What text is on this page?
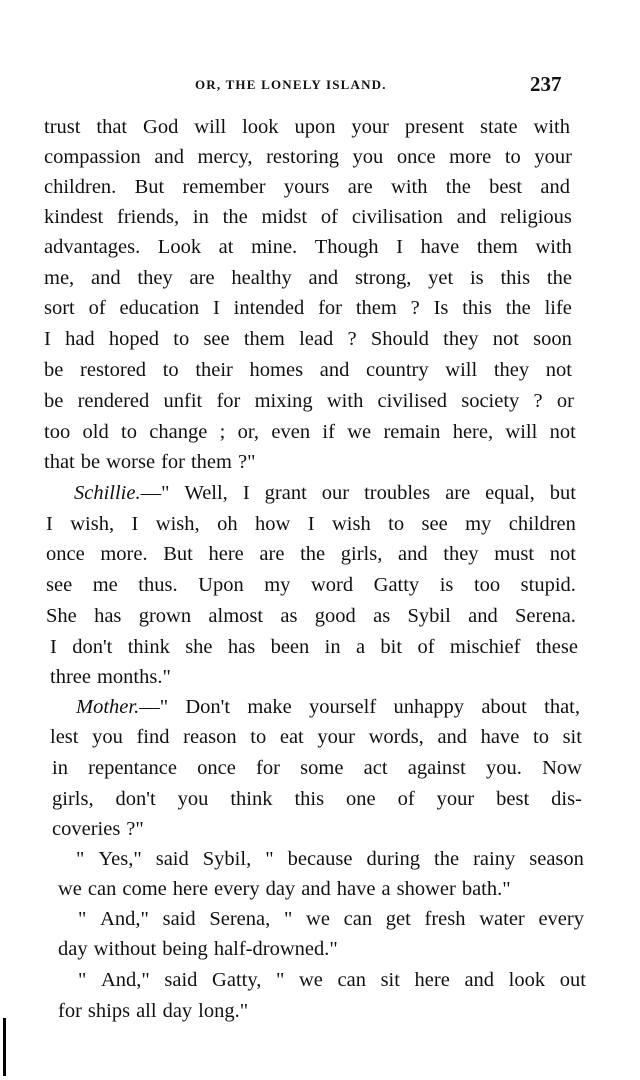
OR, THE LONELY ISLAND.	237
trust that God will look upon your present state with
compassion and mercy, restoring you once more to your
children. But remember yours are with the best and
kindest friends, in the midst of civilisation and religious
advantages. Look at mine. Though I have them with
me, and they are healthy and strong, yet is this the
sort of education I intended for them ? Is this the life
I had hoped to see them lead ? Should they not soon
be restored to their homes and country will they not
be rendered unfit for mixing with civilised society ? or
too old to change ; or, even if we remain here, will not
that be worse for them ?"
Schillie.—" Well, I grant our troubles are equal, but
I wish, I wish, oh how I wish to see my children
once more. But here are the girls, and they must not
see me thus. Upon my word Gatty is too stupid.
She has grown almost as good as Sybil and Serena.
I don't think she has been in a bit of mischief these
three months."
Mother.—" Don't make yourself unhappy about that,
lest you find reason to eat your words, and have to sit
in repentance once for some act against you. Now
girls, don't you think this one of your best dis-
coveries ?"
" Yes," said Sybil, " because during the rainy season
we can come here every day and have a shower bath."
" And," said Serena, " we can get fresh water every
day without being half-drowned."
" And," said Gatty, " we can sit here and look out
for ships all day long."
